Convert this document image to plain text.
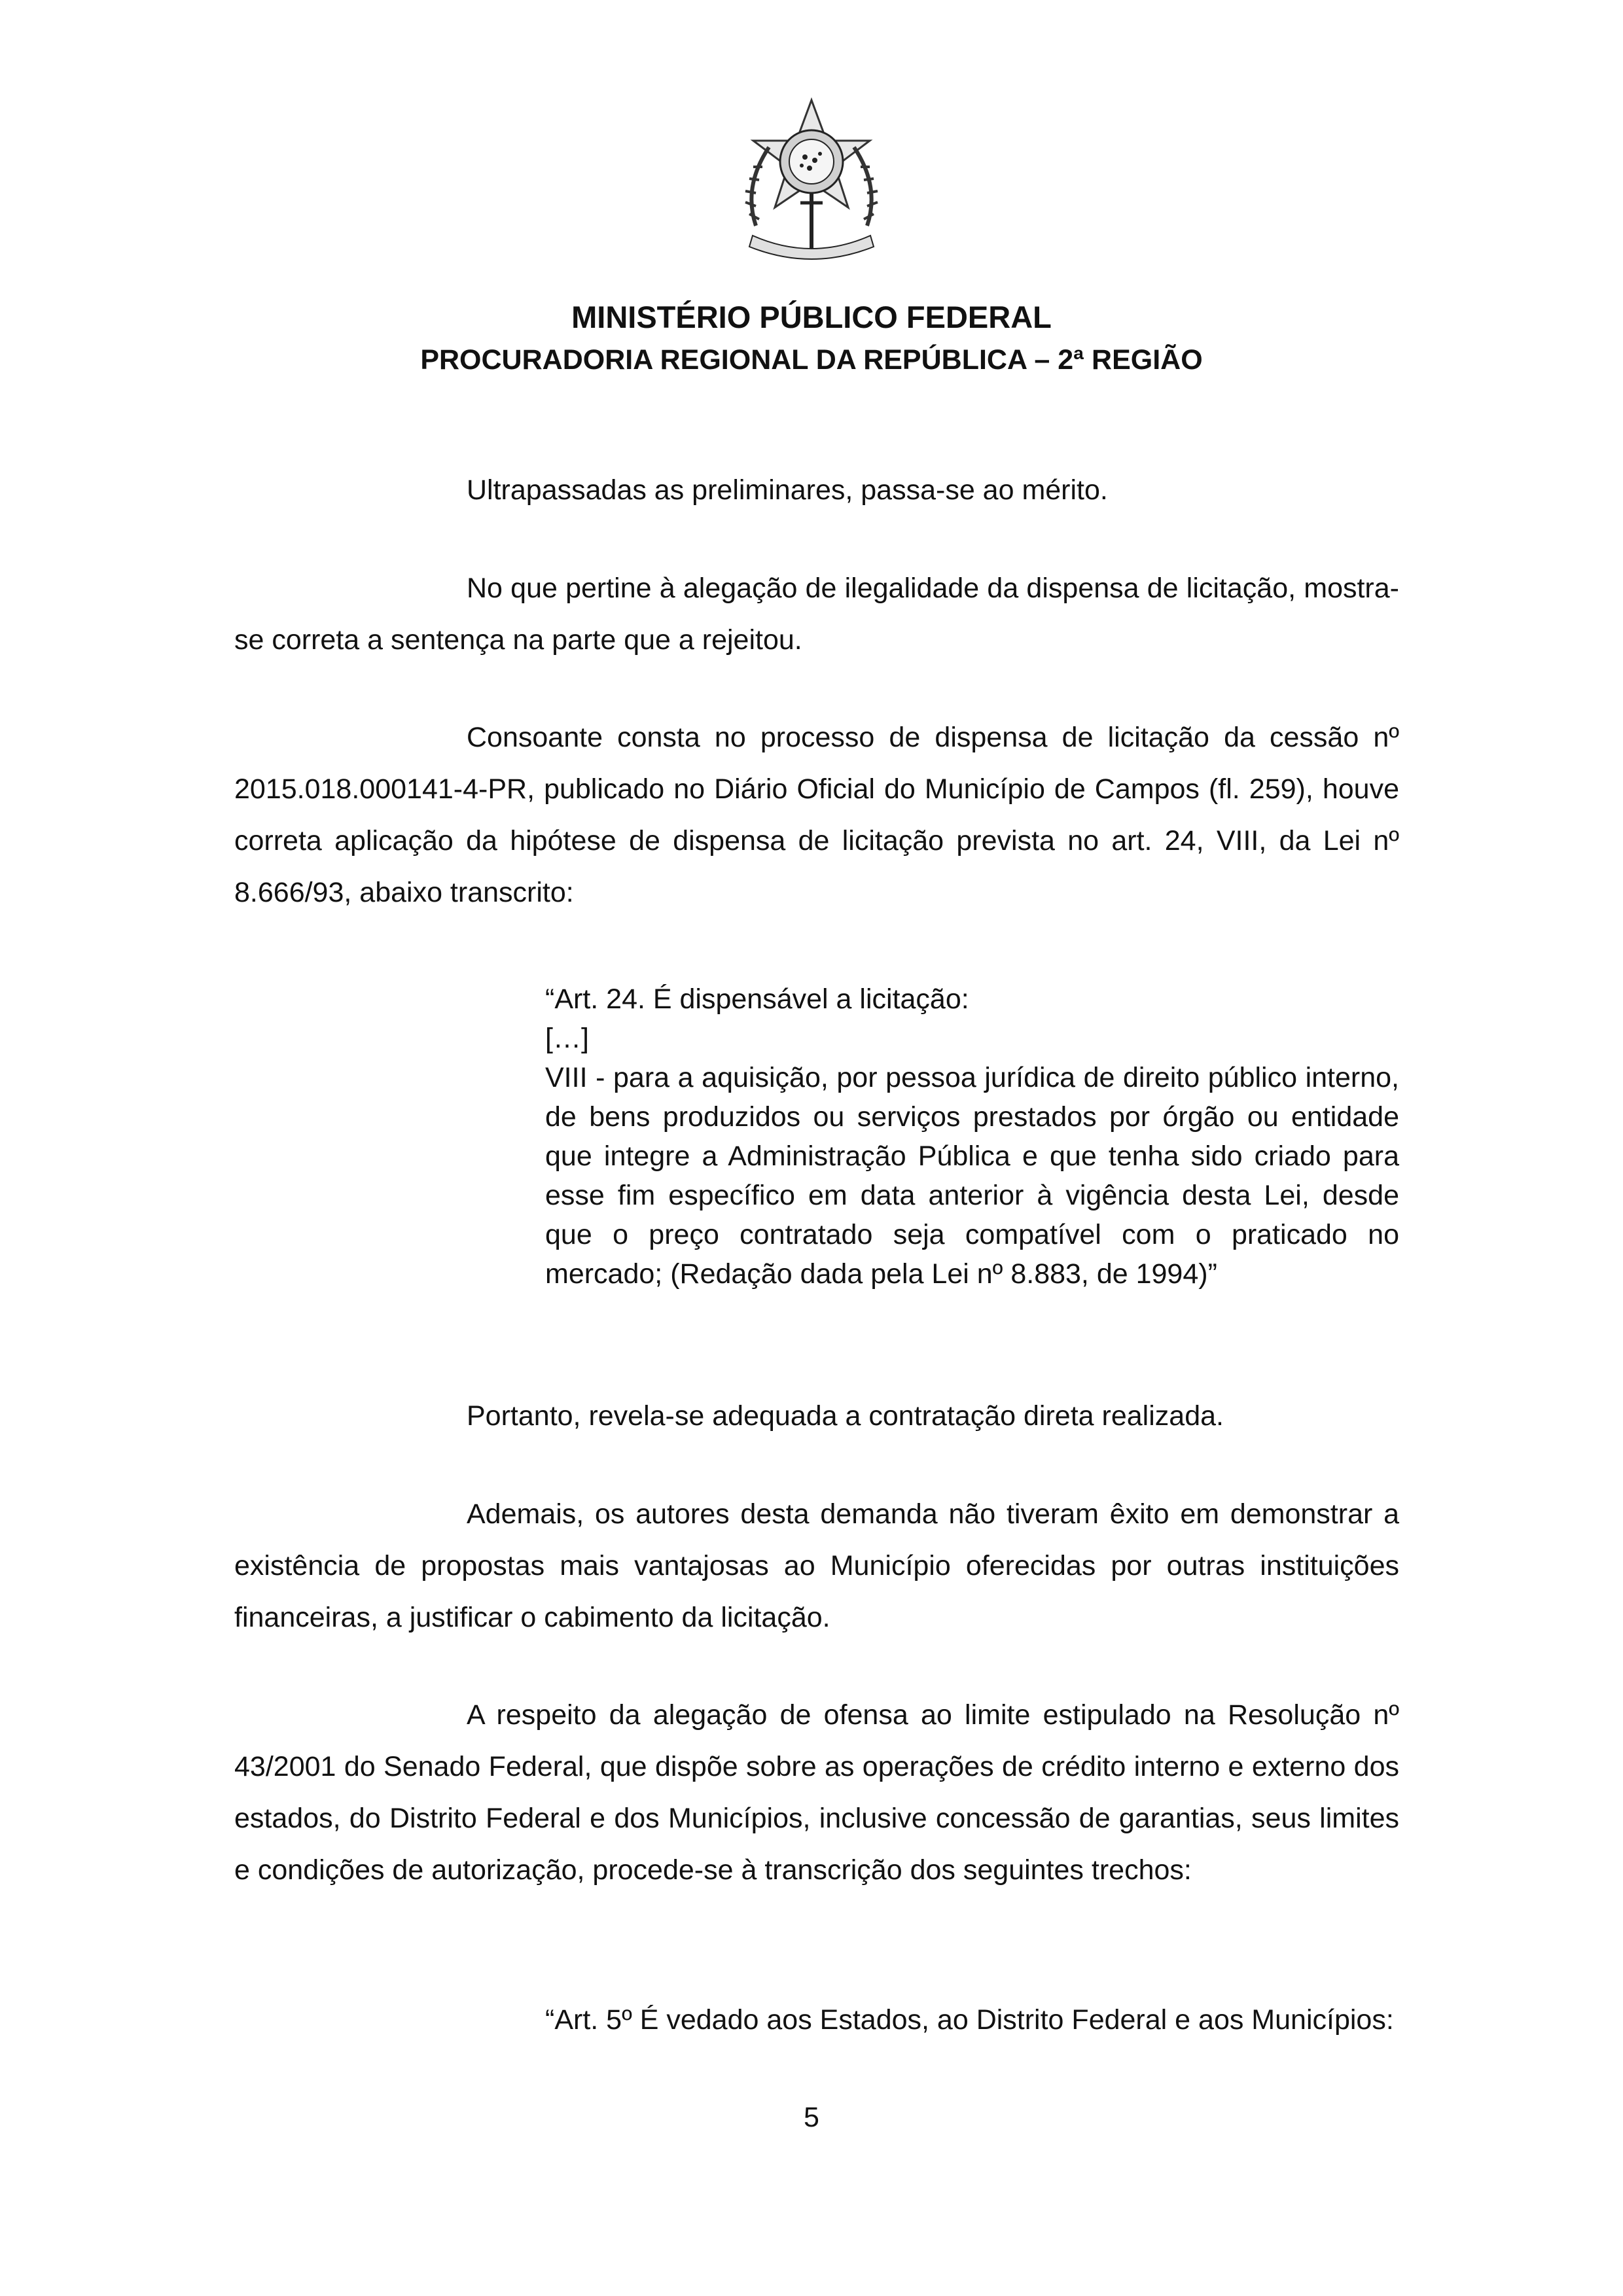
MINISTÉRIO PÚBLICO FEDERAL
PROCURADORIA REGIONAL DA REPÚBLICA – 2ª REGIÃO

Ultrapassadas as preliminares, passa-se ao mérito.

No que pertine à alegação de ilegalidade da dispensa de licitação, mostra-se correta a sentença na parte que a rejeitou.

Consoante consta no processo de dispensa de licitação da cessão nº 2015.018.000141-4-PR, publicado no Diário Oficial do Município de Campos (fl. 259), houve correta aplicação da hipótese de dispensa de licitação prevista no art. 24, VIII, da Lei nº 8.666/93, abaixo transcrito:

“Art. 24. É dispensável a licitação:
[…]
VIII - para a aquisição, por pessoa jurídica de direito público interno, de bens produzidos ou serviços prestados por órgão ou entidade que integre a Administração Pública e que tenha sido criado para esse fim específico em data anterior à vigência desta Lei, desde que o preço contratado seja compatível com o praticado no mercado; (Redação dada pela Lei nº 8.883, de 1994)”

Portanto, revela-se adequada a contratação direta realizada.

Ademais, os autores desta demanda não tiveram êxito em demonstrar a existência de propostas mais vantajosas ao Município oferecidas por outras instituições financeiras, a justificar o cabimento da licitação.

A respeito da alegação de ofensa ao limite estipulado na Resolução nº 43/2001 do Senado Federal, que dispõe sobre as operações de crédito interno e externo dos estados, do Distrito Federal e dos Municípios, inclusive concessão de garantias, seus limites e condições de autorização, procede-se à transcrição dos seguintes trechos:

“Art. 5º É vedado aos Estados, ao Distrito Federal e aos Municípios:
5
